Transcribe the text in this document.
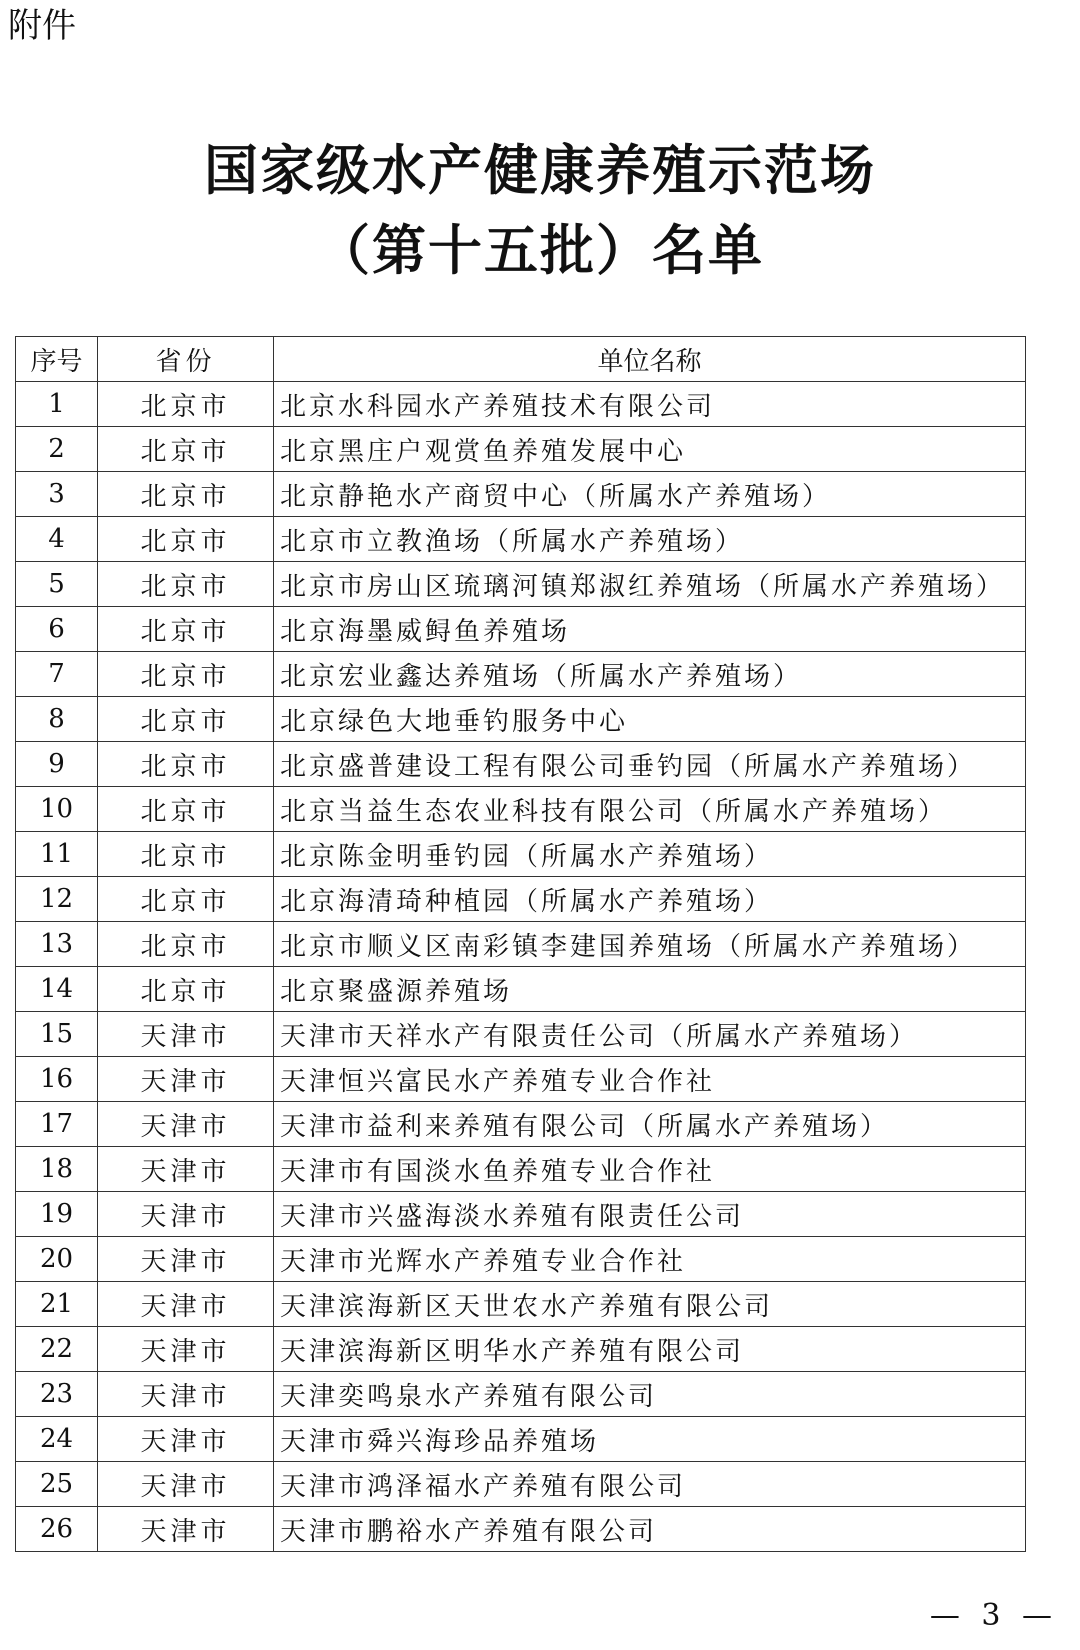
附件
国家级水产健康养殖示范场
（第十五批）名单
序号	省份	单位名称
1	北京市	北京水科园水产养殖技术有限公司
2	北京市	北京黑庄户观赏鱼养殖发展中心
3	北京市	北京静艳水产商贸中心（所属水产养殖场）
4	北京市	北京市立教渔场（所属水产养殖场）
5	北京市	北京市房山区琉璃河镇郑淑红养殖场（所属水产养殖场）
6	北京市	北京海墨威鲟鱼养殖场
7	北京市	北京宏业鑫达养殖场（所属水产养殖场）
8	北京市	北京绿色大地垂钓服务中心
9	北京市	北京盛普建设工程有限公司垂钓园（所属水产养殖场）
10	北京市	北京当益生态农业科技有限公司（所属水产养殖场）
11	北京市	北京陈金明垂钓园（所属水产养殖场）
12	北京市	北京海清琦种植园（所属水产养殖场）
13	北京市	北京市顺义区南彩镇李建国养殖场（所属水产养殖场）
14	北京市	北京聚盛源养殖场
15	天津市	天津市天祥水产有限责任公司（所属水产养殖场）
16	天津市	天津恒兴富民水产养殖专业合作社
17	天津市	天津市益利来养殖有限公司（所属水产养殖场）
18	天津市	天津市有国淡水鱼养殖专业合作社
19	天津市	天津市兴盛海淡水养殖有限责任公司
20	天津市	天津市光辉水产养殖专业合作社
21	天津市	天津滨海新区天世农水产养殖有限公司
22	天津市	天津滨海新区明华水产养殖有限公司
23	天津市	天津奕鸣泉水产养殖有限公司
24	天津市	天津市舜兴海珍品养殖场
25	天津市	天津市鸿泽福水产养殖有限公司
26	天津市	天津市鹏裕水产养殖有限公司
— 3 —
